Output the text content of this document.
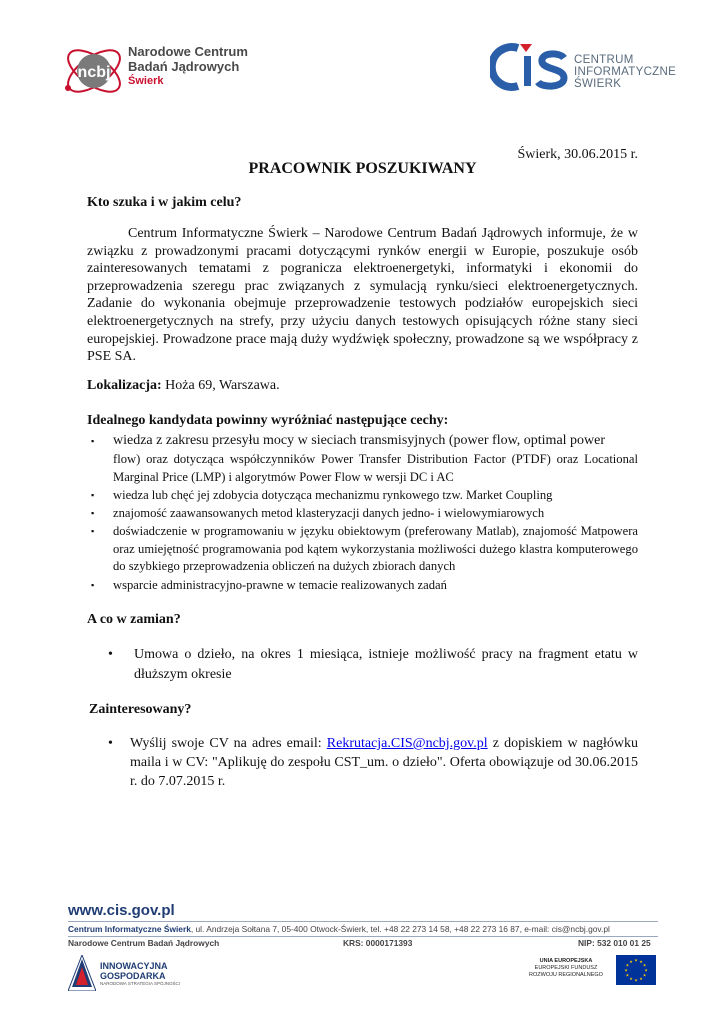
ncbj
Narodowe Centrum
Badań Jądrowych
Świerk
CENTRUM
INFORMATYCZNE
ŚWIERK
Świerk, 30.06.2015 r.
PRACOWNIK POSZUKIWANY
Kto szuka i w jakim celu?
Centrum Informatyczne Świerk – Narodowe Centrum Badań Jądrowych informuje, że w związku z prowadzonymi pracami dotyczącymi rynków energii w Europie, poszukuje osób zainteresowanych tematami z pogranicza elektroenergetyki, informatyki i ekonomii do przeprowadzenia szeregu prac związanych z symulacją rynku/sieci elektroenergetycznych. Zadanie do wykonania obejmuje przeprowadzenie testowych podziałów europejskich sieci elektroenergetycznych na strefy, przy użyciu danych testowych opisujących różne stany sieci europejskiej. Prowadzone prace mają duży wydźwięk społeczny, prowadzone są we współpracy z PSE SA.
Lokalizacja: Hoża 69, Warszawa.
Idealnego kandydata powinny wyróżniać następujące cechy:
▪ wiedza z zakresu przesyłu mocy w sieciach transmisyjnych (power flow, optimal power
flow) oraz dotycząca współczynników Power Transfer Distribution Factor (PTDF) oraz Locational Marginal Price (LMP) i algorytmów Power Flow w wersji DC i AC
▪ wiedza lub chęć jej zdobycia dotycząca mechanizmu rynkowego tzw. Market Coupling
▪ znajomość zaawansowanych metod klasteryzacji danych jedno- i wielowymiarowych
▪ doświadczenie w programowaniu w języku obiektowym (preferowany Matlab), znajomość Matpowera oraz umiejętność programowania pod kątem wykorzystania możliwości dużego klastra komputerowego do szybkiego przeprowadzenia obliczeń na dużych zbiorach danych
▪ wsparcie administracyjno-prawne w temacie realizowanych zadań
A co w zamian?
•	Umowa o dzieło, na okres 1 miesiąca, istnieje możliwość pracy na fragment etatu w dłuższym okresie
Zainteresowany?
•	Wyślij swoje CV na adres email: Rekrutacja.CIS@ncbj.gov.pl z dopiskiem w nagłówku maila i w CV: "Aplikuję do zespołu CST_um. o dzieło". Oferta obowiązuje od 30.06.2015 r. do 7.07.2015 r.
www.cis.gov.pl
Centrum Informatyczne Świerk, ul. Andrzeja Sołtana 7, 05-400 Otwock-Świerk, tel. +48 22 273 14 58, +48 22 273 16 87, e-mail: cis@ncbj.gov.pl
Narodowe Centrum Badań Jądrowych	KRS: 0000171393	NIP: 532 010 01 25
INNOWACYJNA
GOSPODARKA
NARODOWA STRATEGIA SPÓJNOŚCI
UNIA EUROPEJSKA
EUROPEJSKI FUNDUSZ
ROZWOJU REGIONALNEGO
★ ★
★
★
★
★
★
★
★
★
★
★
